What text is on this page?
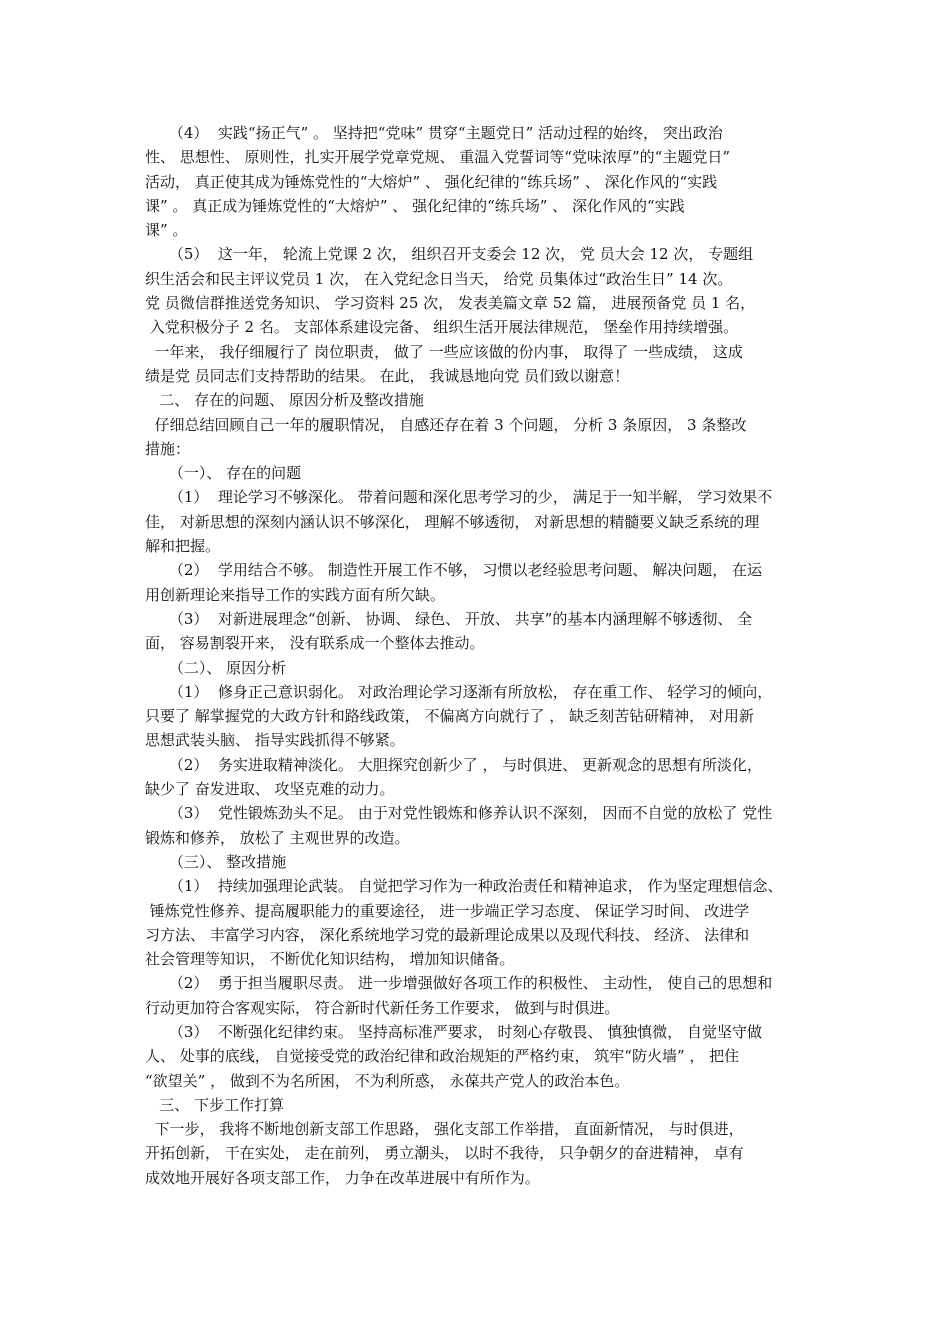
（4）  实践“扬正气” 。 坚持把“党味” 贯穿“主题党日” 活动过程的始终， 突出政治
性、 思想性、 原则性，扎实开展学党章党规、 重温入党誓词等“党味浓厚”的“主题党日”
活动， 真正使其成为锤炼党性的“大熔炉” 、 强化纪律的“练兵场” 、 深化作风的“实践
课” 。 真正成为锤炼党性的“大熔炉” 、 强化纪律的“练兵场” 、 深化作风的“实践
课” 。
（5）  这一年， 轮流上党课 2 次， 组织召开支委会 12 次， 党 员大会 12 次， 专题组
织生活会和民主评议党员 1 次， 在入党纪念日当天， 给党 员集体过“政治生日” 14 次。
党 员微信群推送党务知识、 学习资料 25 次， 发表美篇文章 52 篇， 进展预备党 员 1 名，
入党积极分子 2 名。 支部体系建设完备、 组织生活开展法律规范， 堡垒作用持续增强。
一年来， 我仔细履行了 岗位职责， 做了 一些应该做的份内事， 取得了 一些成绩， 这成
绩是党 员同志们支持帮助的结果。 在此， 我诚恳地向党 员们致以谢意！
二、 存在的问题、 原因分析及整改措施
仔细总结回顾自己一年的履职情况， 自感还存在着 3 个问题， 分析 3 条原因， 3 条整改
措施：
（一）、 存在的问题
（1）  理论学习不够深化。 带着问题和深化思考学习的少， 满足于一知半解， 学习效果不
佳， 对新思想的深刻内涵认识不够深化， 理解不够透彻， 对新思想的精髓要义缺乏系统的理
解和把握。
（2）  学用结合不够。 制造性开展工作不够， 习惯以老经验思考问题、 解决问题， 在运
用创新理论来指导工作的实践方面有所欠缺。
（3）  对新进展理念“创新、 协调、 绿色、 开放、 共享”的基本内涵理解不够透彻、 全
面， 容易割裂开来， 没有联系成一个整体去推动。
（二）、 原因分析
（1）  修身正己意识弱化。 对政治理论学习逐渐有所放松， 存在重工作、 轻学习的倾向，
只要了 解掌握党的大政方针和路线政策， 不偏离方向就行了 ， 缺乏刻苦钻研精神， 对用新
思想武装头脑、 指导实践抓得不够紧。
（2）  务实进取精神淡化。 大胆探究创新少了 ， 与时俱进、 更新观念的思想有所淡化，
缺少了 奋发进取、 攻坚克难的动力。
（3）  党性锻炼劲头不足。 由于对党性锻炼和修养认识不深刻， 因而不自觉的放松了 党性
锻炼和修养， 放松了 主观世界的改造。
（三）、 整改措施
（1）  持续加强理论武装。 自觉把学习作为一种政治责任和精神追求， 作为坚定理想信念、
锤炼党性修养、提高履职能力的重要途径， 进一步端正学习态度、 保证学习时间、 改进学
习方法、 丰富学习内容， 深化系统地学习党的最新理论成果以及现代科技、 经济、 法律和
社会管理等知识， 不断优化知识结构， 增加知识储备。
（2）  勇于担当履职尽责。 进一步增强做好各项工作的积极性、 主动性， 使自己的思想和
行动更加符合客观实际， 符合新时代新任务工作要求， 做到与时俱进。
（3）  不断强化纪律约束。 坚持高标准严要求， 时刻心存敬畏、 慎独慎微， 自觉坚守做
人、 处事的底线， 自觉接受党的政治纪律和政治规矩的严格约束， 筑牢“防火墙” ， 把住
“欲望关” ， 做到不为名所困， 不为利所惑， 永葆共产党人的政治本色。
三、 下步工作打算
下一步， 我将不断地创新支部工作思路， 强化支部工作举措， 直面新情况， 与时俱进，
开拓创新， 干在实处， 走在前列， 勇立潮头， 以时不我待， 只争朝夕的奋进精神， 卓有
成效地开展好各项支部工作， 力争在改革进展中有所作为。
